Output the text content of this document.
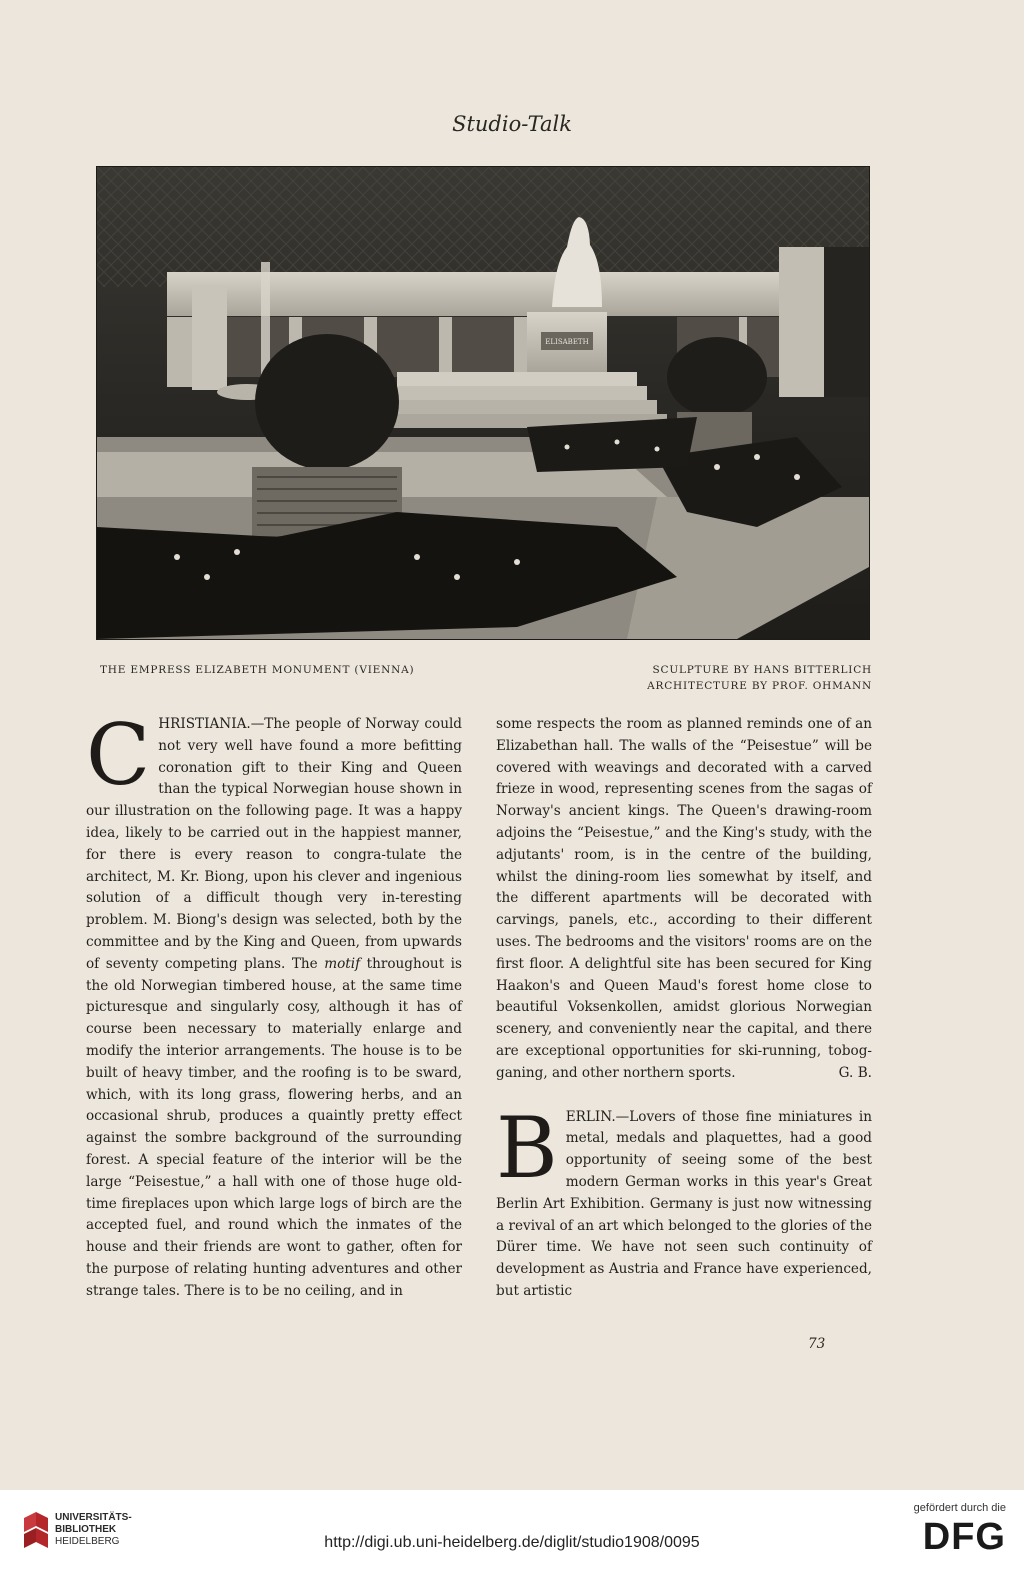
Studio-Talk
ELISABETH
THE EMPRESS ELIZABETH MONUMENT (VIENNA)	SCULPTURE BY HANS BITTERLICH
ARCHITECTURE BY PROF. OHMANN

CHRISTIANIA.—The people of Norway could not very well have found a more befitting coronation gift to their King and Queen than the typical Norwegian house shown in our illustration on the following page. It was a happy idea, likely to be carried out in the happiest manner, for there is every reason to congra-tulate the architect, M. Kr. Biong, upon his clever and ingenious solution of a difficult though very in-teresting problem. M. Biong's design was selected, both by the committee and by the King and Queen, from upwards of seventy competing plans. The motif throughout is the old Norwegian timbered house, at the same time picturesque and singularly cosy, although it has of course been necessary to materially enlarge and modify the interior arrangements. The house is to be built of heavy timber, and the roofing is to be sward, which, with its long grass, flowering herbs, and an occasional shrub, produces a quaintly pretty effect against the sombre background of the surrounding forest. A special feature of the interior will be the large “Peisestue,” a hall with one of those huge old-time fireplaces upon which large logs of birch are the accepted fuel, and round which the inmates of the house and their friends are wont to gather, often for the purpose of relating hunting adventures and other strange tales. There is to be no ceiling, and in

some respects the room as planned reminds one of an Elizabethan hall. The walls of the “Peisestue” will be covered with weavings and decorated with a carved frieze in wood, representing scenes from the sagas of Norway's ancient kings. The Queen's drawing-room adjoins the “Peisestue,” and the King's study, with the adjutants' room, is in the centre of the building, whilst the dining-room lies somewhat by itself, and the different apartments will be decorated with carvings, panels, etc., according to their different uses. The bedrooms and the visitors' rooms are on the first floor. A delightful site has been secured for King Haakon's and Queen Maud's forest home close to beautiful Voksenkollen, amidst glorious Norwegian scenery, and conveniently near the capital, and there are exceptional opportunities for ski-running, tobog-ganing, and other northern sports.	G. B.

BERLIN.—Lovers of those fine miniatures in metal, medals and plaquettes, had a good opportunity of seeing some of the best modern German works in this year's Great Berlin Art Exhibition. Germany is just now witnessing a revival of an art which belonged to the glories of the Dürer time. We have not seen such continuity of development as Austria and France have experienced, but artistic

73
UNIVERSITÄTS-
BIBLIOTHEK
HEIDELBERG	http://digi.ub.uni-heidelberg.de/diglit/studio1908/0095
gefördert durch die
DFG
